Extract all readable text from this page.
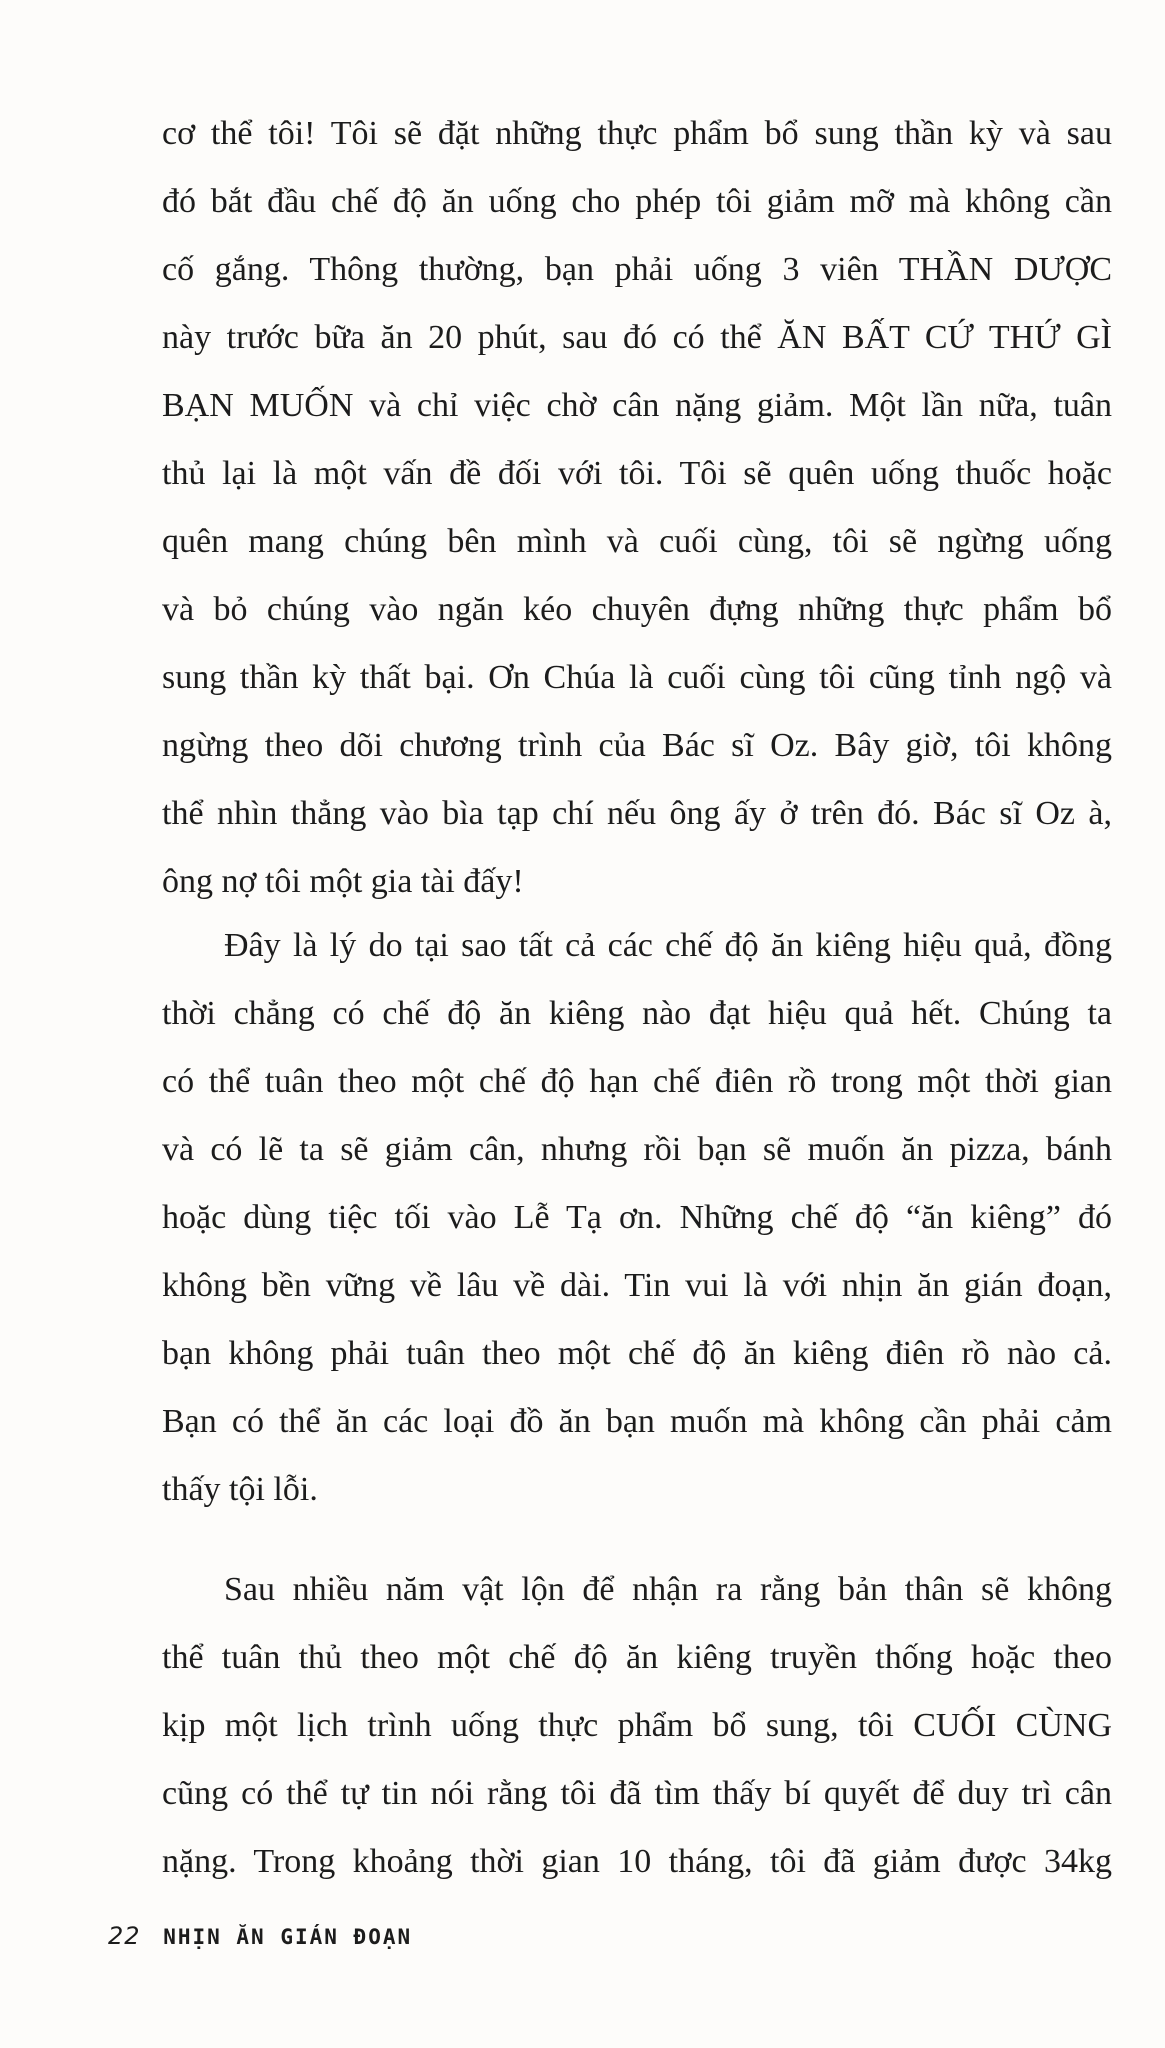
cơ thể tôi! Tôi sẽ đặt những thực phẩm bổ sung thần kỳ và sau
đó bắt đầu chế độ ăn uống cho phép tôi giảm mỡ mà không cần
cố gắng. Thông thường, bạn phải uống 3 viên THẦN DƯỢC
này trước bữa ăn 20 phút, sau đó có thể ĂN BẤT CỨ THỨ GÌ
BẠN MUỐN và chỉ việc chờ cân nặng giảm. Một lần nữa, tuân
thủ lại là một vấn đề đối với tôi. Tôi sẽ quên uống thuốc hoặc
quên mang chúng bên mình và cuối cùng, tôi sẽ ngừng uống
và bỏ chúng vào ngăn kéo chuyên đựng những thực phẩm bổ
sung thần kỳ thất bại. Ơn Chúa là cuối cùng tôi cũng tỉnh ngộ và
ngừng theo dõi chương trình của Bác sĩ Oz. Bây giờ, tôi không
thể nhìn thẳng vào bìa tạp chí nếu ông ấy ở trên đó. Bác sĩ Oz à,
ông nợ tôi một gia tài đấy!
Đây là lý do tại sao tất cả các chế độ ăn kiêng hiệu quả, đồng
thời chẳng có chế độ ăn kiêng nào đạt hiệu quả hết. Chúng ta
có thể tuân theo một chế độ hạn chế điên rồ trong một thời gian
và có lẽ ta sẽ giảm cân, nhưng rồi bạn sẽ muốn ăn pizza, bánh
hoặc dùng tiệc tối vào Lễ Tạ ơn. Những chế độ “ăn kiêng” đó
không bền vững về lâu về dài. Tin vui là với nhịn ăn gián đoạn,
bạn không phải tuân theo một chế độ ăn kiêng điên rồ nào cả.
Bạn có thể ăn các loại đồ ăn bạn muốn mà không cần phải cảm
thấy tội lỗi.
Sau nhiều năm vật lộn để nhận ra rằng bản thân sẽ không
thể tuân thủ theo một chế độ ăn kiêng truyền thống hoặc theo
kịp một lịch trình uống thực phẩm bổ sung, tôi CUỐI CÙNG
cũng có thể tự tin nói rằng tôi đã tìm thấy bí quyết để duy trì cân
nặng. Trong khoảng thời gian 10 tháng, tôi đã giảm được 34kg
22 NHỊN ĂN GIÁN ĐOẠN
